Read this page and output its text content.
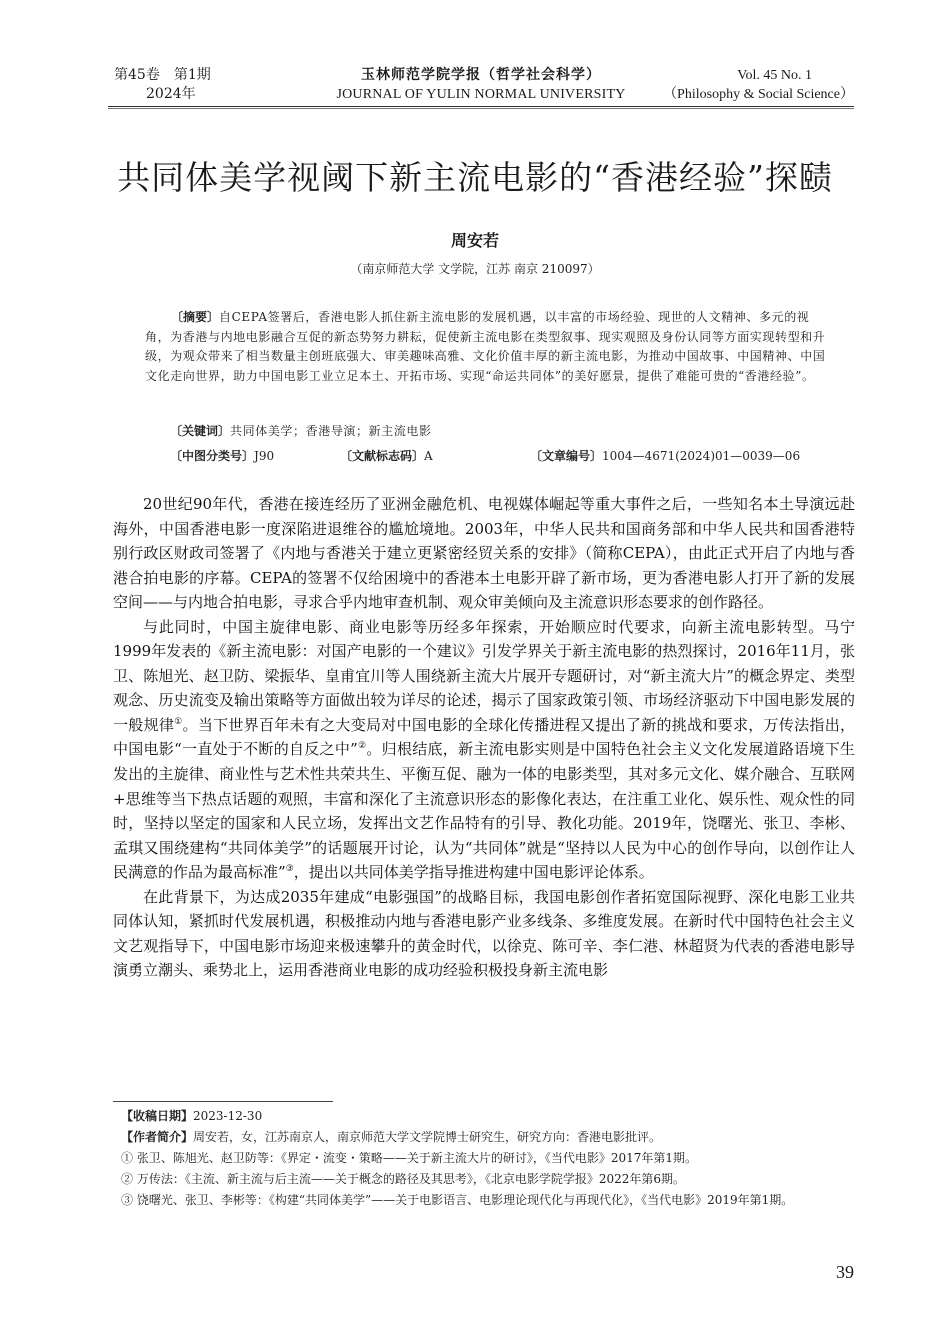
第45卷　第1期
2024年
玉林师范学院学报（哲学社会科学）
JOURNAL OF YULIN NORMAL UNIVERSITY
Vol. 45 No. 1
（Philosophy & Social Science）
共同体美学视阈下新主流电影的“香港经验”探赜
周安若
（南京师范大学 文学院，江苏 南京 210097）
〔摘要〕自CEPA签署后，香港电影人抓住新主流电影的发展机遇，以丰富的市场经验、现世的人文精神、多元的视角，为香港与内地电影融合互促的新态势努力耕耘，促使新主流电影在类型叙事、现实观照及身份认同等方面实现转型和升级，为观众带来了相当数量主创班底强大、审美趣味高雅、文化价值丰厚的新主流电影，为推动中国故事、中国精神、中国文化走向世界，助力中国电影工业立足本土、开拓市场、实现“命运共同体”的美好愿景，提供了难能可贵的“香港经验”。
〔关键词〕共同体美学；香港导演；新主流电影
〔中图分类号〕J90	〔文献标志码〕A	〔文章编号〕1004—4671(2024)01—0039—06

20世纪90年代，香港在接连经历了亚洲金融危机、电视媒体崛起等重大事件之后，一些知名本土导演远赴海外，中国香港电影一度深陷进退维谷的尴尬境地。2003年，中华人民共和国商务部和中华人民共和国香港特别行政区财政司签署了《内地与香港关于建立更紧密经贸关系的安排》（简称CEPA），由此正式开启了内地与香港合拍电影的序幕。CEPA的签署不仅给困境中的香港本土电影开辟了新市场，更为香港电影人打开了新的发展空间——与内地合拍电影，寻求合乎内地审查机制、观众审美倾向及主流意识形态要求的创作路径。

与此同时，中国主旋律电影、商业电影等历经多年探索，开始顺应时代要求，向新主流电影转型。马宁1999年发表的《新主流电影：对国产电影的一个建议》引发学界关于新主流电影的热烈探讨，2016年11月，张卫、陈旭光、赵卫防、梁振华、皇甫宜川等人围绕新主流大片展开专题研讨，对“新主流大片”的概念界定、类型观念、历史流变及输出策略等方面做出较为详尽的论述，揭示了国家政策引领、市场经济驱动下中国电影发展的一般规律①。当下世界百年未有之大变局对中国电影的全球化传播进程又提出了新的挑战和要求，万传法指出，中国电影“一直处于不断的自反之中”②。归根结底，新主流电影实则是中国特色社会主义文化发展道路语境下生发出的主旋律、商业性与艺术性共荣共生、平衡互促、融为一体的电影类型，其对多元文化、媒介融合、互联网+思维等当下热点话题的观照，丰富和深化了主流意识形态的影像化表达，在注重工业化、娱乐性、观众性的同时，坚持以坚定的国家和人民立场，发挥出文艺作品特有的引导、教化功能。2019年，饶曙光、张卫、李彬、孟琪又围绕建构“共同体美学”的话题展开讨论，认为“共同体”就是“坚持以人民为中心的创作导向，以创作让人民满意的作品为最高标准”③，提出以共同体美学指导推进构建中国电影评论体系。

在此背景下，为达成2035年建成“电影强国”的战略目标，我国电影创作者拓宽国际视野、深化电影工业共同体认知，紧抓时代发展机遇，积极推动内地与香港电影产业多线条、多维度发展。在新时代中国特色社会主义文艺观指导下，中国电影市场迎来极速攀升的黄金时代，以徐克、陈可辛、李仁港、林超贤为代表的香港电影导演勇立潮头、乘势北上，运用香港商业电影的成功经验积极投身新主流电影

【收稿日期】2023-12-30
【作者简介】周安若，女，江苏南京人，南京师范大学文学院博士研究生，研究方向：香港电影批评。
① 张卫、陈旭光、赵卫防等：《界定・流变・策略——关于新主流大片的研讨》，《当代电影》2017年第1期。
② 万传法：《主流、新主流与后主流——关于概念的路径及其思考》，《北京电影学院学报》2022年第6期。
③ 饶曙光、张卫、李彬等：《构建“共同体美学”——关于电影语言、电影理论现代化与再现代化》，《当代电影》2019年第1期。
39
